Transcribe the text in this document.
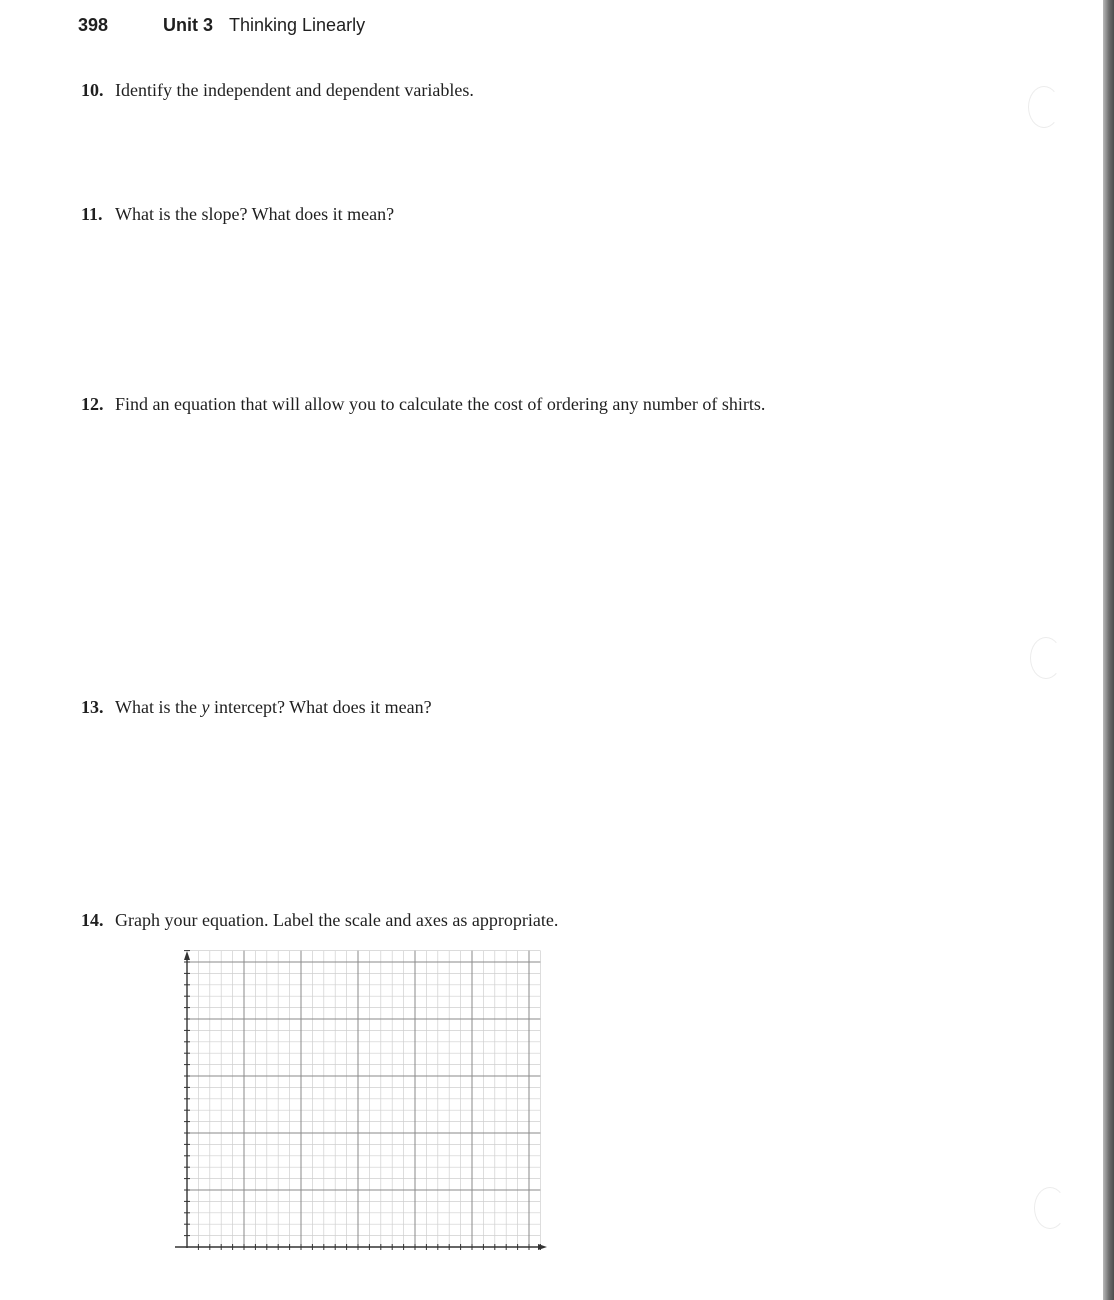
398	Unit 3 Thinking Linearly
10. Identify the independent and dependent variables.
11. What is the slope? What does it mean?
12. Find an equation that will allow you to calculate the cost of ordering any number of shirts.
13. What is the y intercept? What does it mean?
14. Graph your equation. Label the scale and axes as appropriate.
